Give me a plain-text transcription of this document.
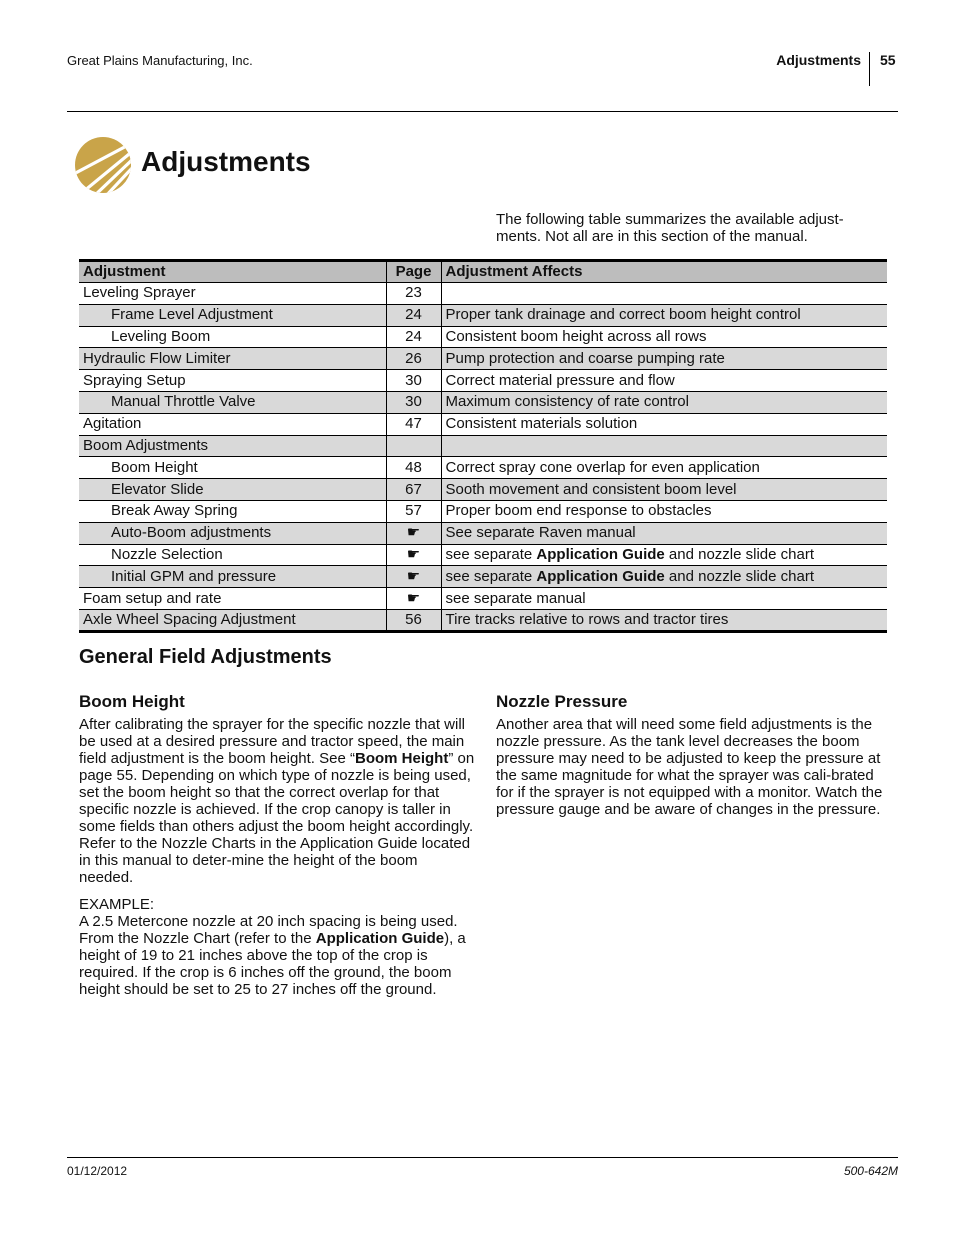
Great Plains Manufacturing, Inc.	Adjustments 55
Adjustments

The following table summarizes the available adjust-ments. Not all are in this section of the manual.

Adjustment	Page	Adjustment Affects
Leveling Sprayer	23	
Frame Level Adjustment	24	Proper tank drainage and correct boom height control
Leveling Boom	24	Consistent boom height across all rows
Hydraulic Flow Limiter	26	Pump protection and coarse pumping rate
Spraying Setup	30	Correct material pressure and flow
Manual Throttle Valve	30	Maximum consistency of rate control
Agitation	47	Consistent materials solution
Boom Adjustments		
Boom Height	48	Correct spray cone overlap for even application
Elevator Slide	67	Sooth movement and consistent boom level
Break Away Spring	57	Proper boom end response to obstacles
Auto-Boom adjustments	☛	See separate Raven manual
Nozzle Selection	☛	see separate Application Guide and nozzle slide chart
Initial GPM and pressure	☛	see separate Application Guide and nozzle slide chart
Foam setup and rate	☛	see separate manual
Axle Wheel Spacing Adjustment	56	Tire tracks relative to rows and tractor tires
General Field Adjustments
Boom Height

After calibrating the sprayer for the specific nozzle that will be used at a desired pressure and tractor speed, the main field adjustment is the boom height. See “Boom Height” on page 55. Depending on which type of nozzle is being used, set the boom height so that the correct overlap for that specific nozzle is achieved. If the crop canopy is taller in some fields than others adjust the boom height accordingly. Refer to the Nozzle Charts in the Application Guide located in this manual to deter-mine the height of the boom needed.

EXAMPLE:
A 2.5 Metercone nozzle at 20 inch spacing is being used. From the Nozzle Chart (refer to the Application Guide), a height of 19 to 21 inches above the top of the crop is required. If the crop is 6 inches off the ground, the boom height should be set to 25 to 27 inches off the ground.

Nozzle Pressure

Another area that will need some field adjustments is the nozzle pressure. As the tank level decreases the boom pressure may need to be adjusted to keep the pressure at the same magnitude for what the sprayer was cali-brated for if the sprayer is not equipped with a monitor. Watch the pressure gauge and be aware of changes in the pressure.

01/12/2012	500-642M
